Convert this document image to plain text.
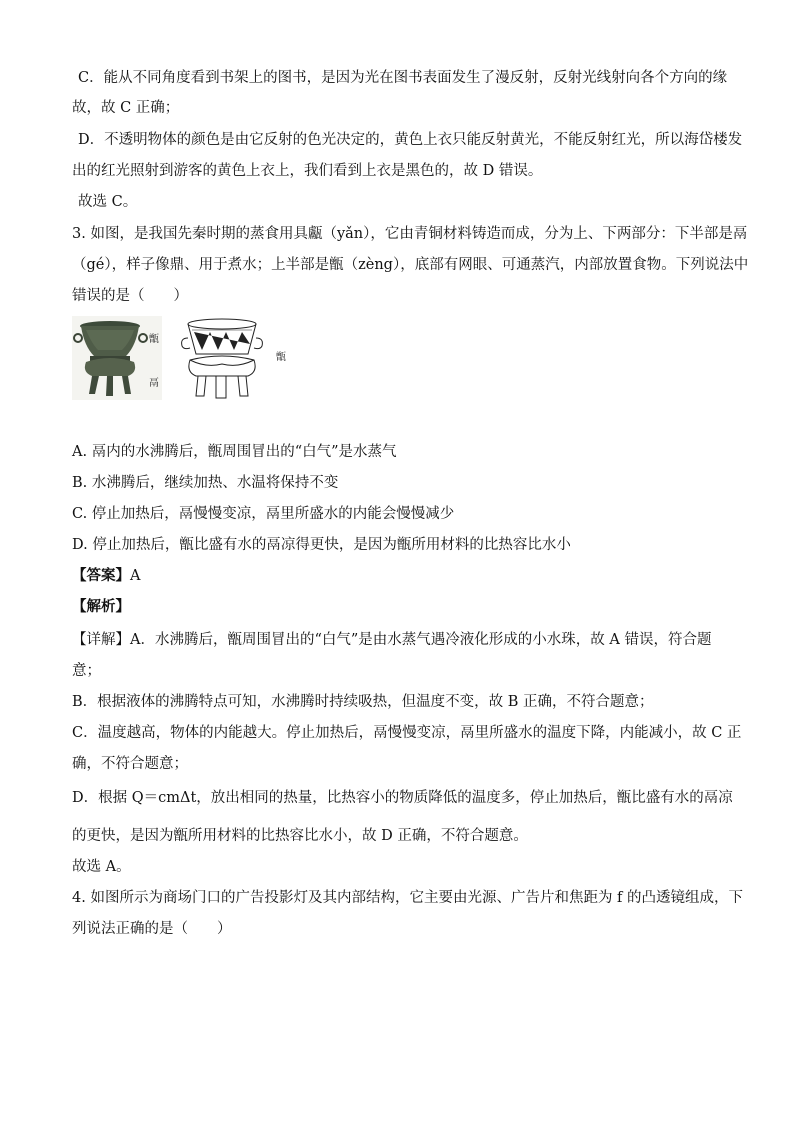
C．能从不同角度看到书架上的图书，是因为光在图书表面发生了漫反射，反射光线射向各个方向的缘
故，故 C 正确；
D．不透明物体的颜色是由它反射的色光决定的，黄色上衣只能反射黄光，不能反射红光，所以海岱楼发
出的红光照射到游客的黄色上衣上，我们看到上衣是黑色的，故 D 错误。
故选 C。
3. 如图，是我国先秦时期的蒸食用具甗（yǎn），它由青铜材料铸造而成，分为上、下两部分：下半部是鬲
（gé），样子像鼎、用于煮水；上半部是甑（zèng），底部有网眼、可通蒸汽，内部放置食物。下列说法中
错误的是（　　）
甑
鬲
甑
A. 鬲内的水沸腾后，甑周围冒出的“白气”是水蒸气
B. 水沸腾后，继续加热、水温将保持不变
C. 停止加热后，鬲慢慢变凉，鬲里所盛水的内能会慢慢减少
D. 停止加热后，甑比盛有水的鬲凉得更快，是因为甑所用材料的比热容比水小
【答案】A
【解析】
【详解】A．水沸腾后，甑周围冒出的“白气”是由水蒸气遇冷液化形成的小水珠，故 A 错误，符合题
意；
B．根据液体的沸腾特点可知，水沸腾时持续吸热，但温度不变，故 B 正确，不符合题意；
C．温度越高，物体的内能越大。停止加热后，鬲慢慢变凉，鬲里所盛水的温度下降，内能减小，故 C 正
确，不符合题意；
D．根据 Q＝cmΔt，放出相同的热量，比热容小的物质降低的温度多，停止加热后，甑比盛有水的鬲凉
的更快，是因为甑所用材料的比热容比水小，故 D 正确，不符合题意。
故选 A。
4. 如图所示为商场门口的广告投影灯及其内部结构，它主要由光源、广告片和焦距为 f 的凸透镜组成，下
列说法正确的是（　　）
